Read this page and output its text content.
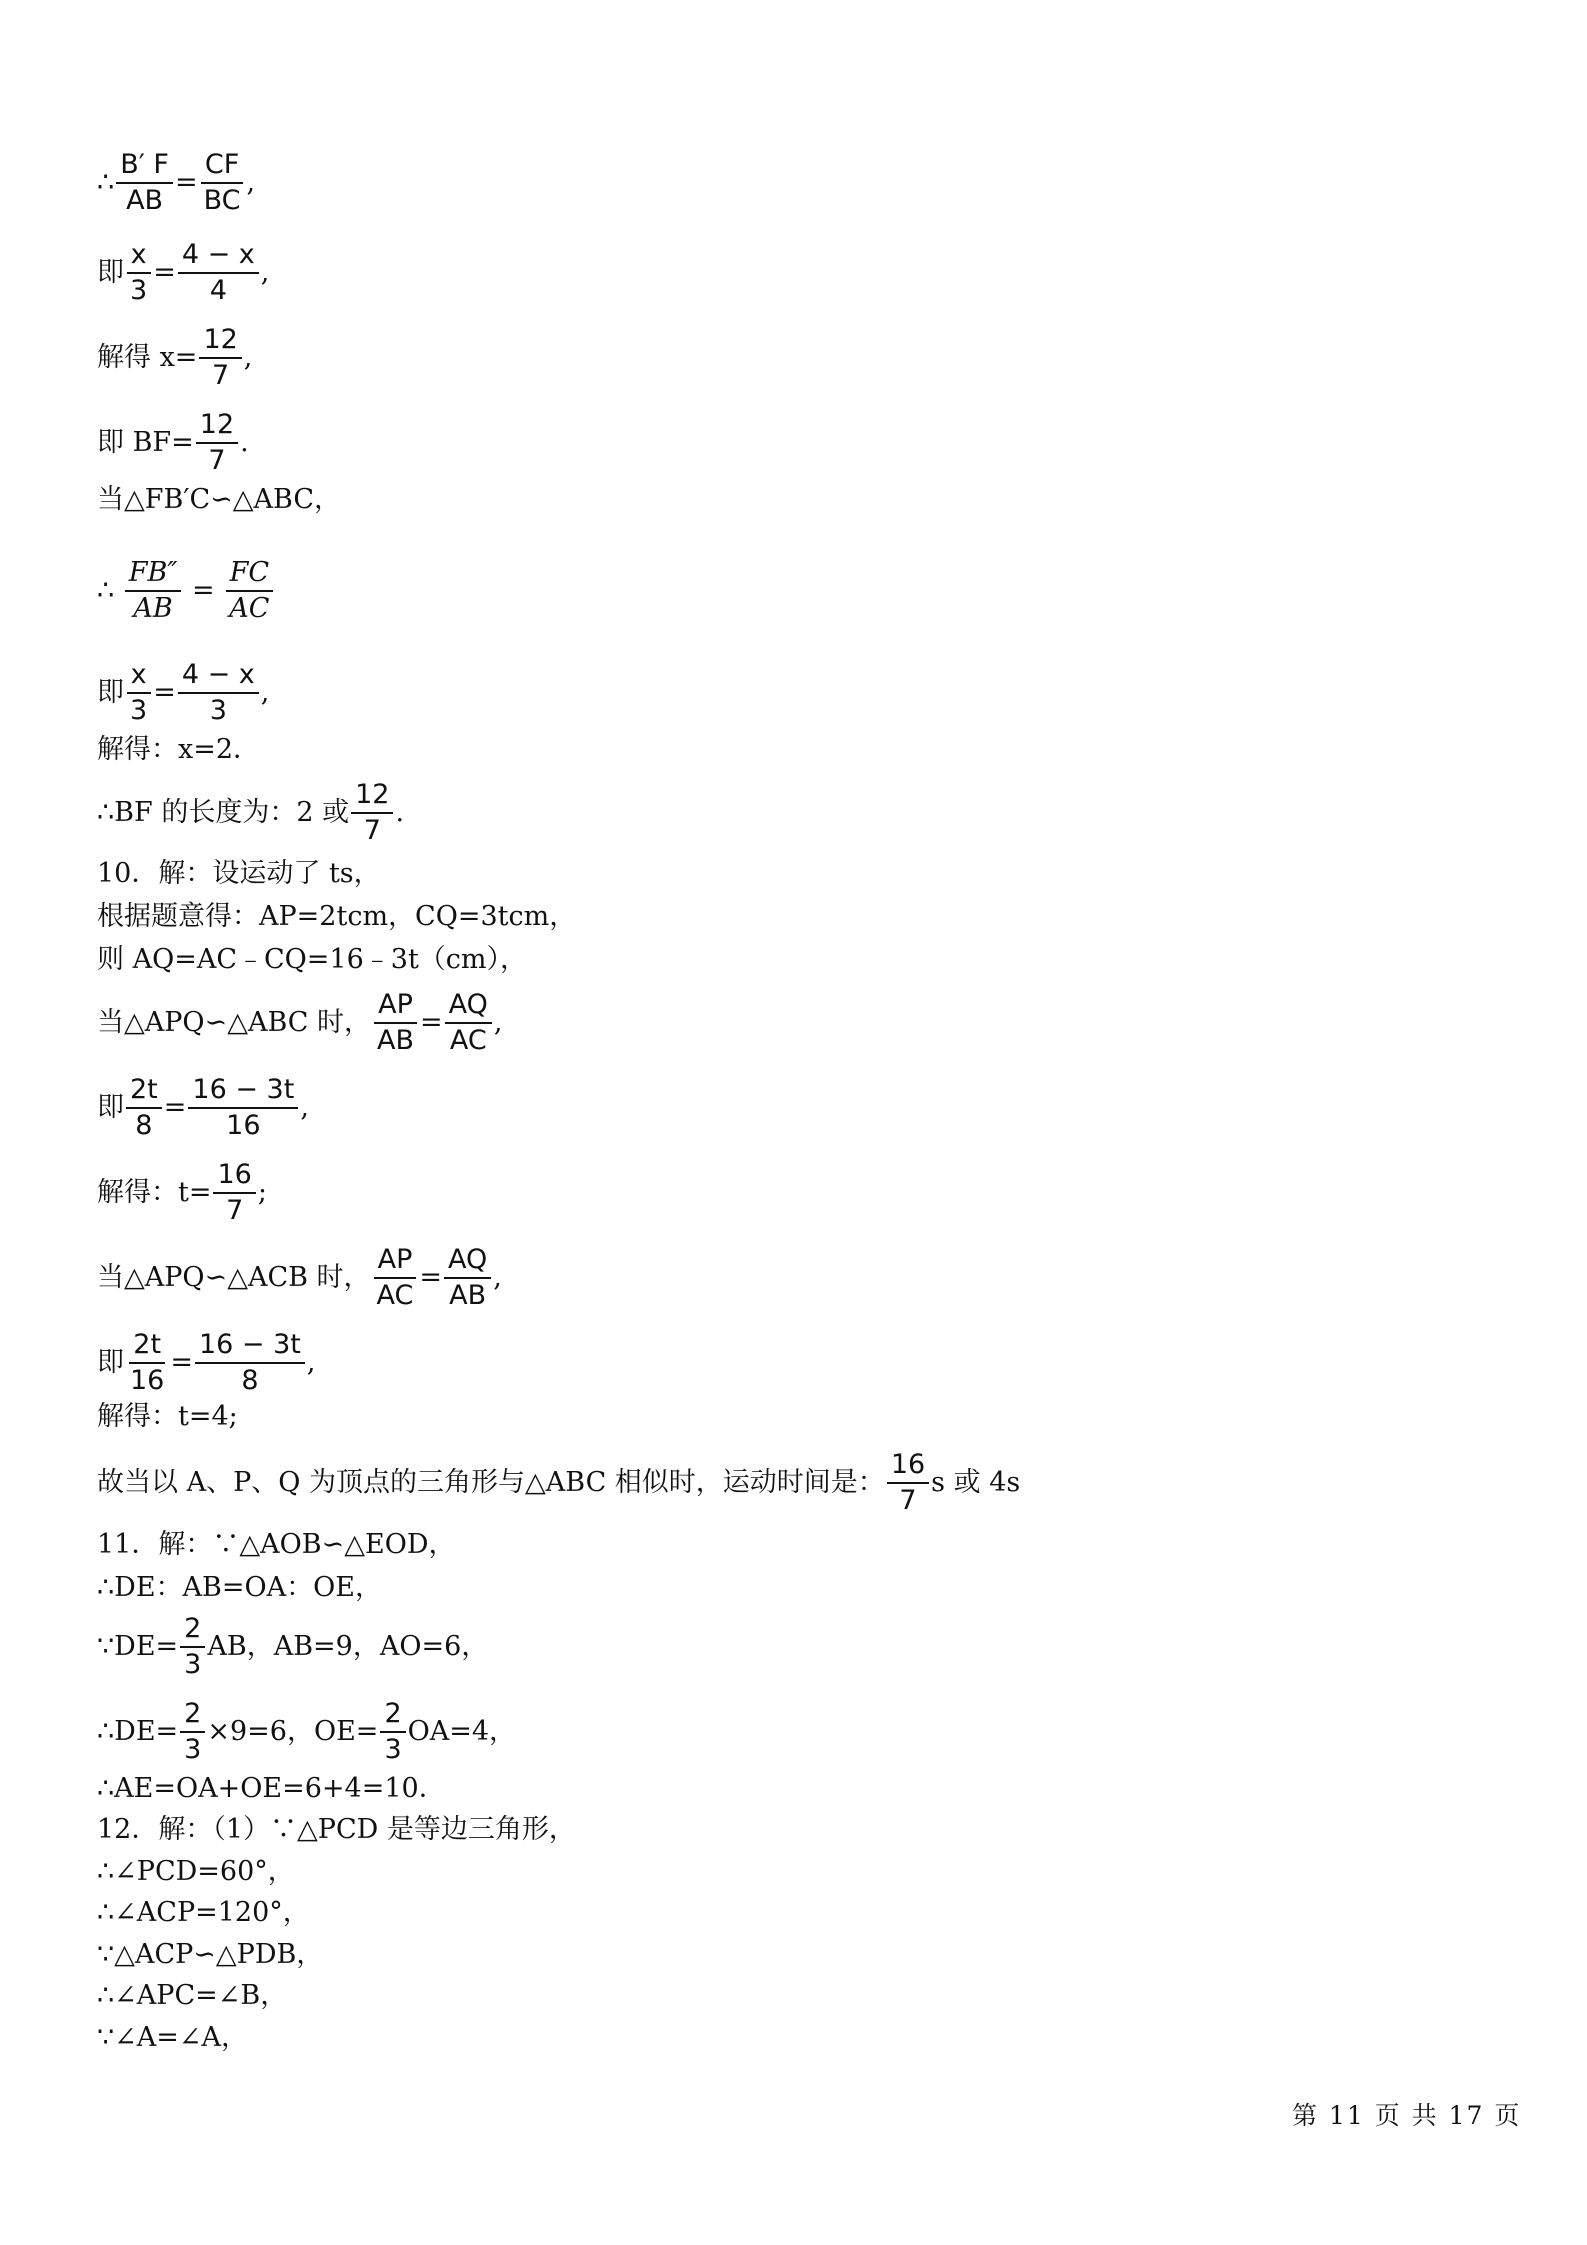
∴ $\frac{B' F}{AB} = \frac{CF}{BC}$ ,
即 $\frac{x}{3} = \frac{4 - x}{4}$ ,
解得 $x= \frac{12}{7}$ ,
即 $BF= \frac{12}{7}$ .
当△FB′C∽△ABC，
∴ $\frac{FB''}{AB} = \frac{FC}{AC}$
即 $\frac{x}{3} = \frac{4 - x}{3}$ ,
解得：x=2．
∴BF 的长度为：2 或 $\frac{12}{7}$ .
10．解：设运动了 ts，
根据题意得：AP=2tcm，CQ=3tcm，
则 AQ=AC﹣CQ=16﹣3t（cm），
当△APQ∽△ABC 时， $\frac{AP}{AB} = \frac{AQ}{AC}$ ,
即 $\frac{2t}{8} = \frac{16 - 3t}{16}$ ,
解得：$t= \frac{16}{7}$ ;
当△APQ∽△ACB 时， $\frac{AP}{AC} = \frac{AQ}{AB}$ ,
即 $\frac{2t}{16} = \frac{16 - 3t}{8}$ ,
解得：t=4;
故当以 A、P、Q 为顶点的三角形与△ABC 相似时，运动时间是： $\frac{16}{7}$ s 或 4s
11．解：∵△AOB∽△EOD，
∴DE：AB=OA：OE，
∵DE= $\frac{2}{3}$ AB，AB=9，AO=6，
∴DE= $\frac{2}{3} \times 9=6$，$OE= \frac{2}{3} OA=4$，
∴AE=OA+OE=6+4=10．
12．解：（1）∵△PCD 是等边三角形，
∴∠PCD=60°，
∴∠ACP=120°，
∵△ACP∽△PDB，
∴∠APC=∠B，
∵∠A=∠A，
第 11 页 共 17 页
